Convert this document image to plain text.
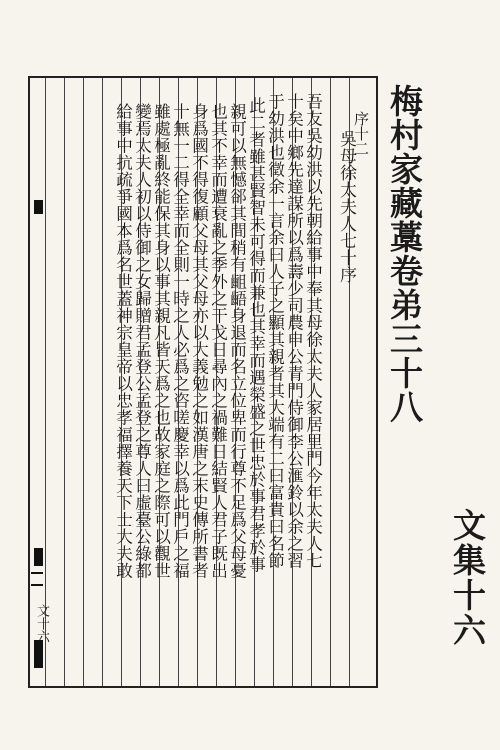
梅村家藏藁卷弟三十八
文集十六
序十二
吳母徐太夫人七十序
吾友吳幼洪以先朝給事中奉其母徐太夫人家居里門今年太夫人七
十矣中鄉先達謀所以爲壽少司農申公青門侍御李公滙鈴以余之習
于幼洪也徵余一言余曰人子之顯其親者其大端有二曰富貴曰名節
此二者雖甚賢智未可得而兼也其幸而遇榮盛之世忠於事君孝於事
親可以無憾郤其間稍有齟齬身退而名立位卑而行尊不足爲父母憂
也其不幸而遭衰亂之季外之干戈日尋內之禍難日結賢人君子既出
身爲國不得復顧父母其父母亦以大義勉之如漢唐之末史傳所書者
十無一二得全幸而全則一時之人必爲之咨嗟慶幸以爲此門戶之福
雖處極亂終能保其身以事其親凡皆天爲之也故家庭之際可以觀世
變焉太夫人初以侍御之女歸贈君孟登公孟登之尊人曰虛臺公綠都
給事中抗疏爭國本爲名世蓋神宗皇帝以忠孝福擇養天下士大夫敢
文十六
